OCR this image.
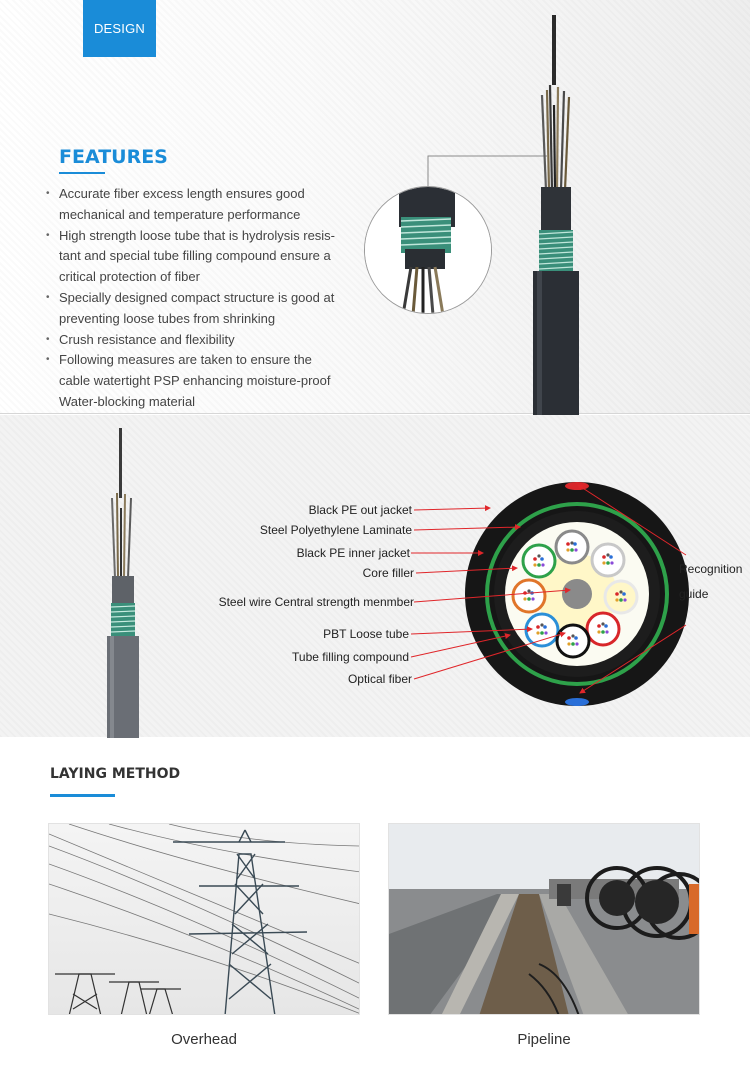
DESIGN
FEATURES
• Accurate fiber excess length ensures good
mechanical and temperature performance
• High strength loose tube that is hydrolysis resis-
tant and special tube filling compound ensure a
critical protection of fiber
• Specially designed compact structure is good at
preventing loose tubes from shrinking
• Crush resistance and flexibility
• Following measures are taken to ensure the
cable watertight PSP enhancing moisture-proof
Water-blocking material
Black PE out jacket
Steel Polyethylene Laminate
Black PE inner jacket
Core filler
Steel wire Central strength menmber
PBT Loose tube
Tube filling compound
Optical fiber
Recognition
guide
LAYING METHOD
Overhead	Pipeline
